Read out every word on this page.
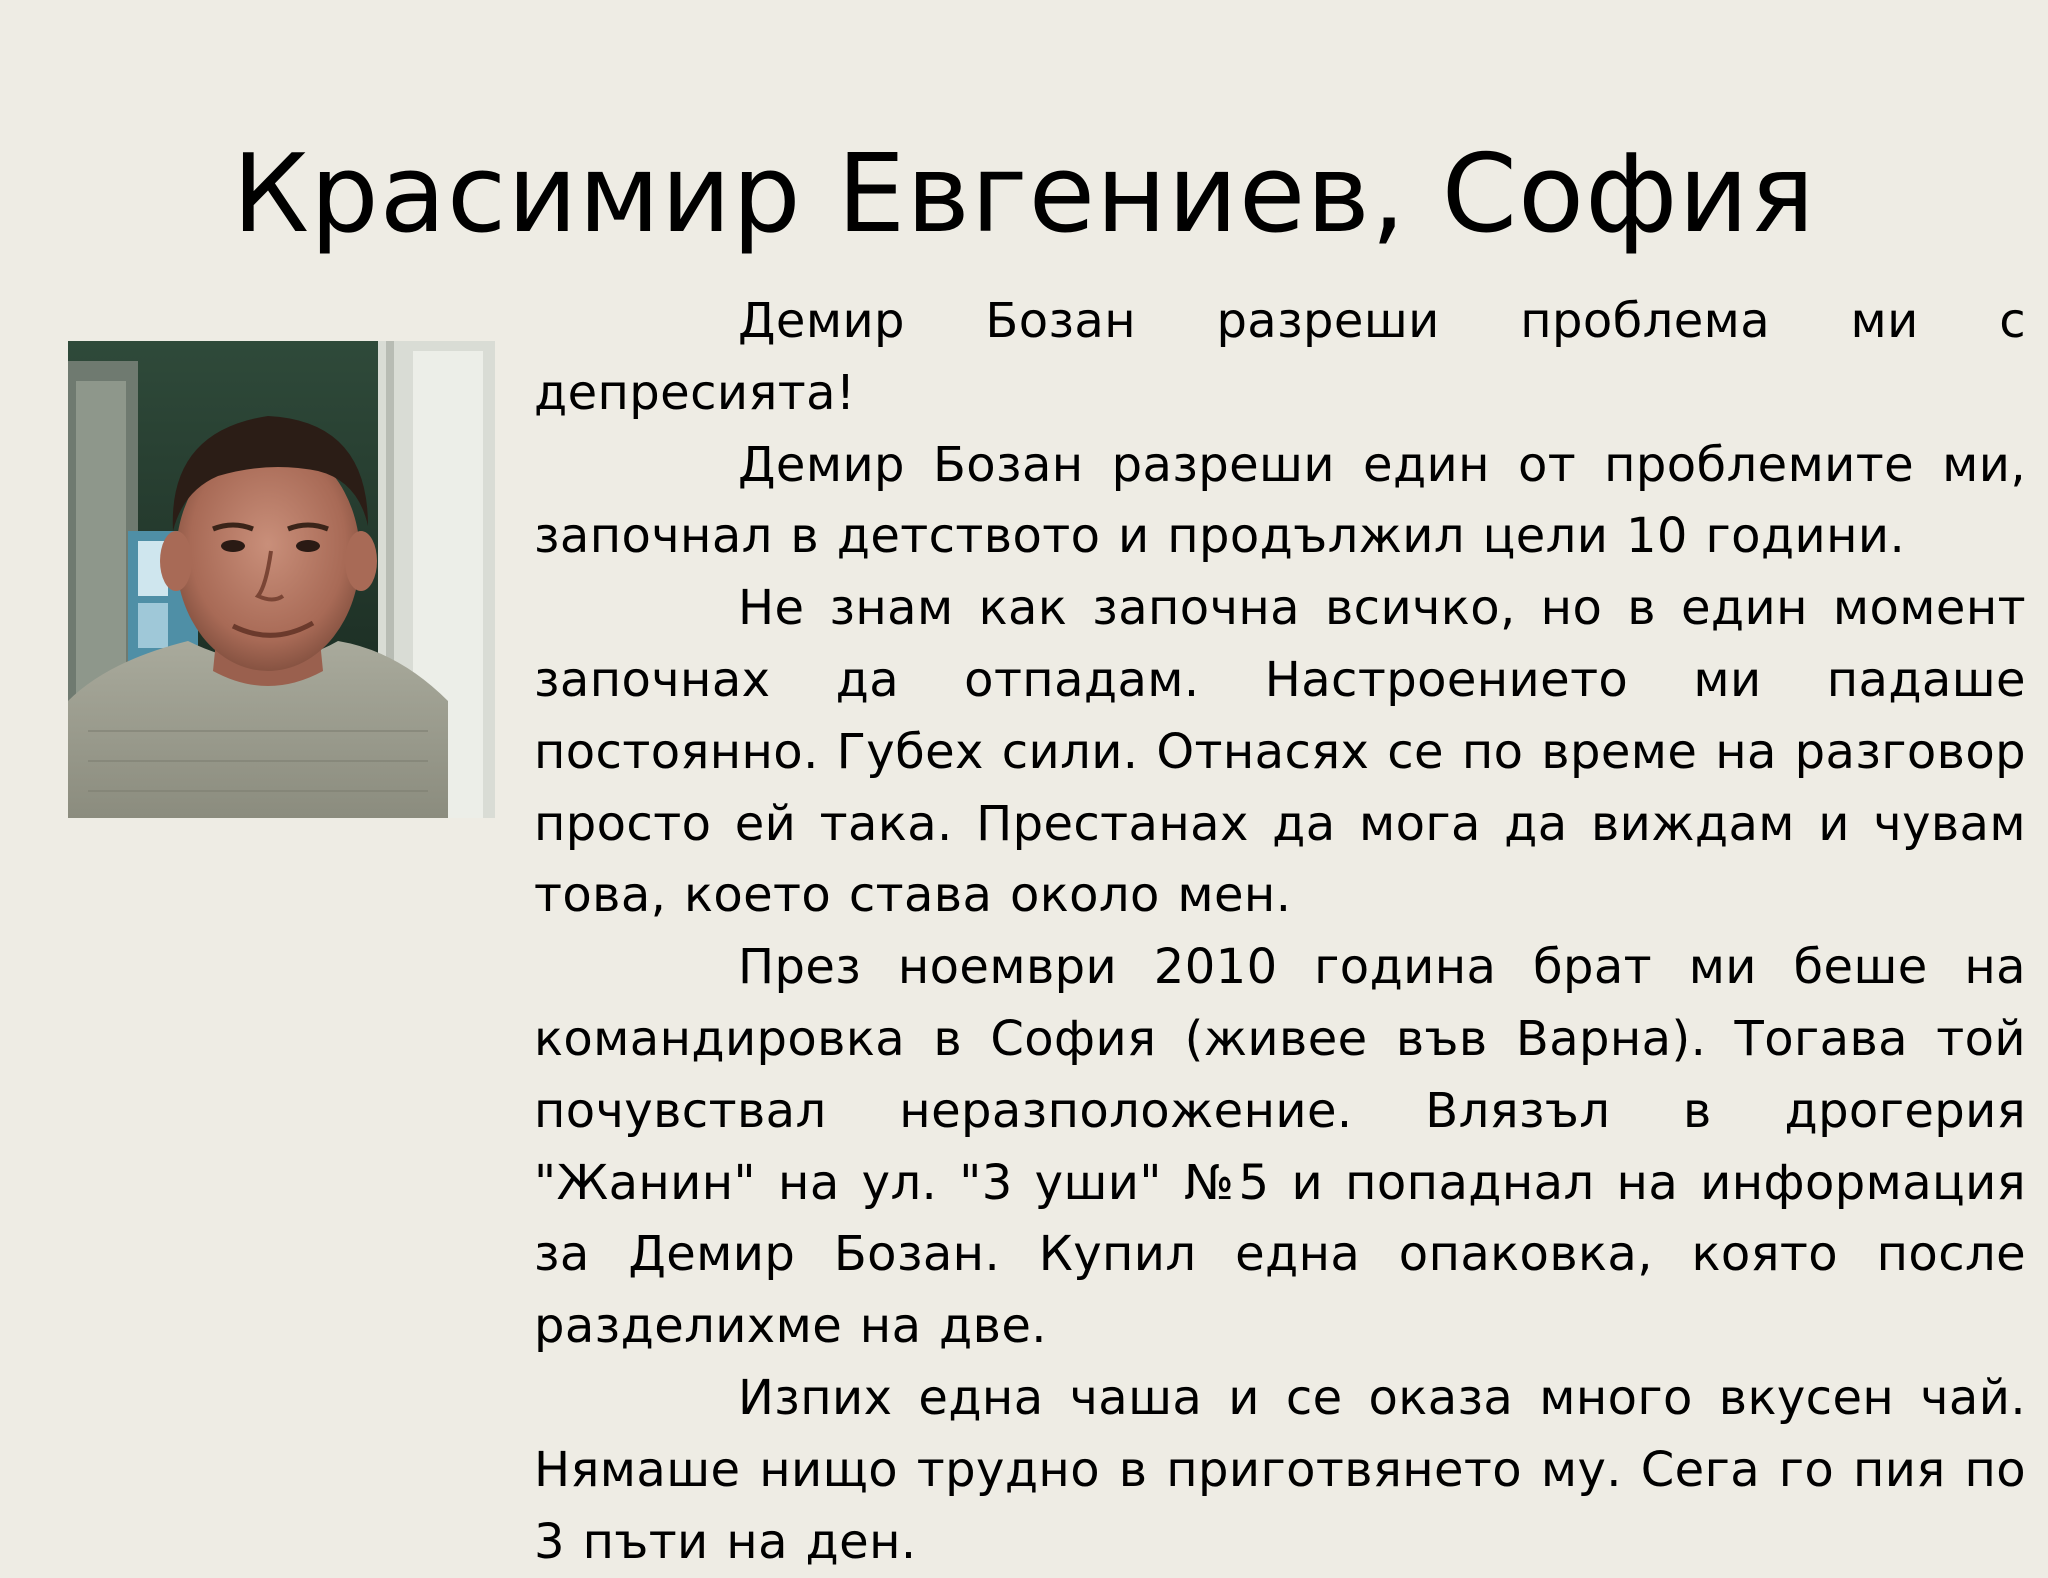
Красимир Евгениев, София

Демир Бозан разреши проблема ми с депресията!

Демир Бозан разреши един от проблемите ми, започнал в детството и продължил цели 10 години.

Не знам как започна всичко, но в един момент започнах да отпадам. Настроението ми падаше постоянно. Губех сили. Отнасях се по време на разговор просто ей така. Престанах да мога да виждам и чувам това, което става около мен.

През ноември 2010 година брат ми беше на командировка в София (живее във Варна). Тогава той почувствал неразположение. Влязъл в дрогерия "Жанин" на ул. "3 уши" №5 и попаднал на информация за Демир Бозан. Купил една опаковка, която после разделихме на две.

Изпих една чаша и се оказа много вкусен чай. Нямаше нищо трудно в приготвянето му. Сега го пия по 3 пъти на ден.
